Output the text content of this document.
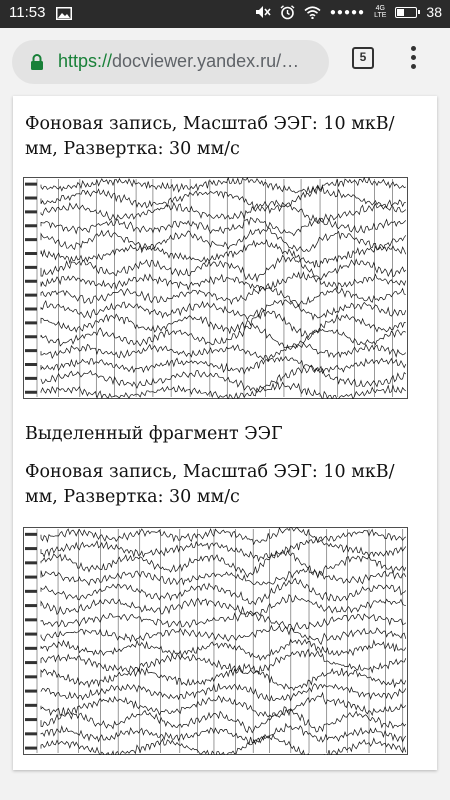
11:53	●●●●● 4G
LTE	38
https://docviewer.yandex.ru/…	5
Фоновая запись, Масштаб ЭЭГ: 10 мкВ/мм, Развертка: 30 мм/с
Выделенный фрагмент ЭЭГ
Фоновая запись, Масштаб ЭЭГ: 10 мкВ/мм, Развертка: 30 мм/с
